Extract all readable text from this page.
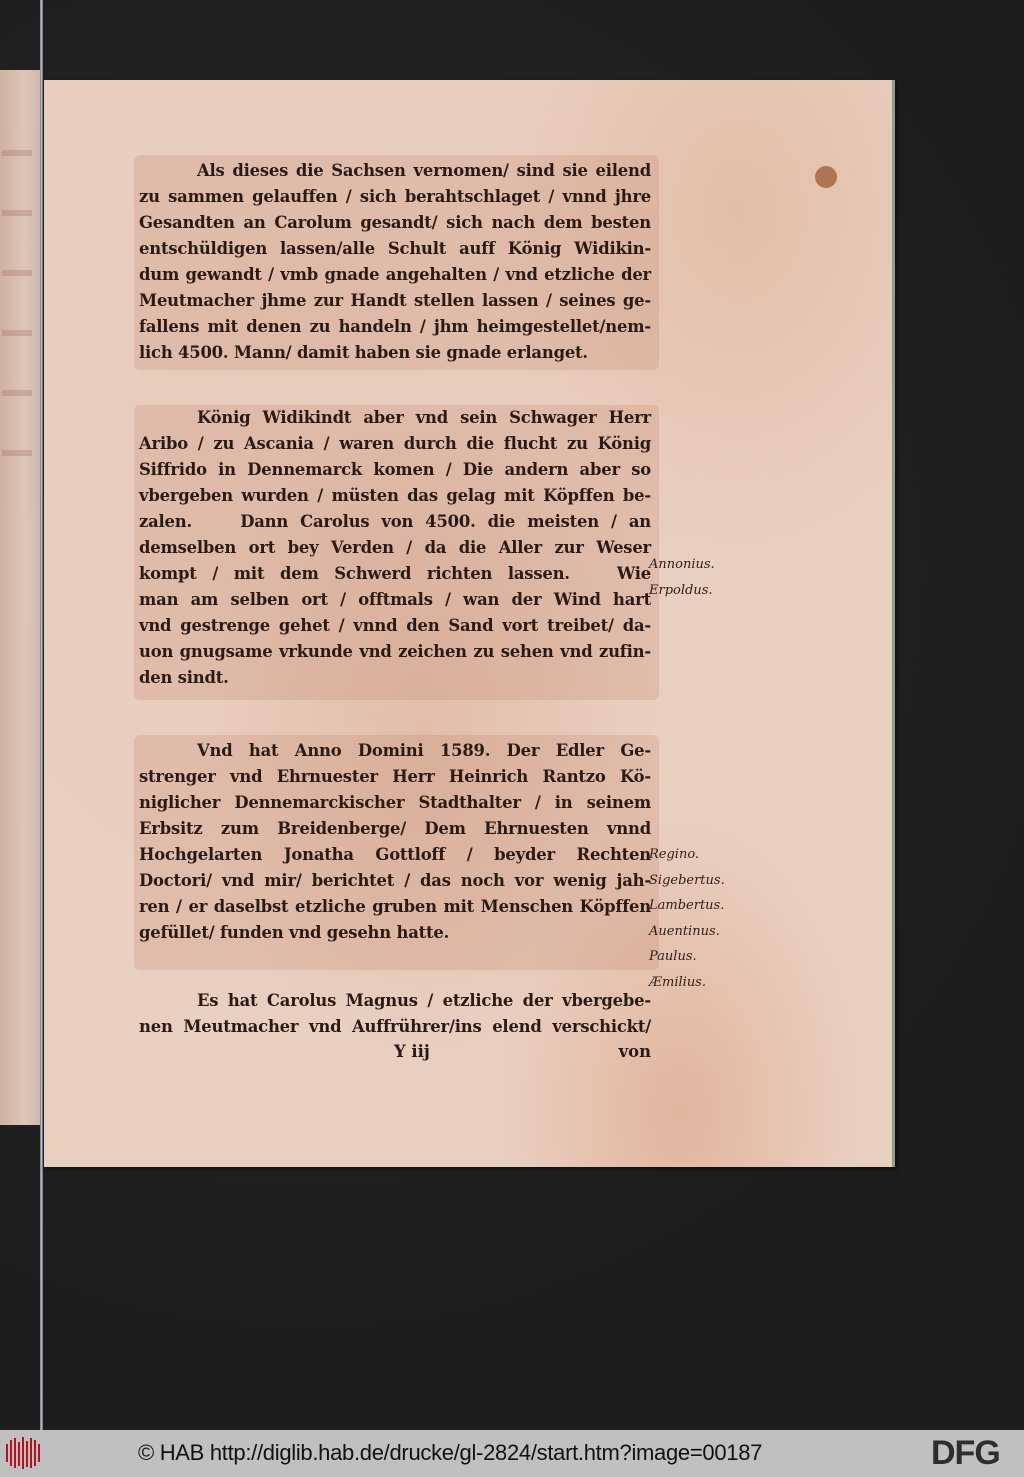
Als dieses die Sachsen vernomen/ sind sie eilend
zu sammen gelauffen / sich berahtschlaget / vnnd jhre
Gesandten an Carolum gesandt/ sich nach dem besten
entschüldigen lassen/alle Schult auff König Widikin-
dum gewandt / vmb gnade angehalten / vnd etzliche der
Meutmacher jhme zur Handt stellen lassen / seines ge-
fallens mit denen zu handeln / jhm heimgestellet/nem-
lich 4500. Mann/ damit haben sie gnade erlanget.
König Widikindt aber vnd sein Schwager Herr
Aribo / zu Ascania / waren durch die flucht zu König
Siffrido in Dennemarck komen / Die andern aber so
vbergeben wurden / müsten das gelag mit Köpffen be-
zalen.    Dann Carolus von 4500. die meisten / an
demselben ort bey Verden / da die Aller zur Weser
kompt / mit dem Schwerd richten lassen.   Wie
man am selben ort / offtmals / wan der Wind hart
vnd gestrenge gehet / vnnd den Sand vort treibet/ da-
uon gnugsame vrkunde vnd zeichen zu sehen vnd zufin-
den sindt.
Vnd hat Anno Domini 1589. Der Edler Ge-
strenger vnd Ehrnuester Herr Heinrich Rantzo Kö-
niglicher Dennemarckischer Stadthalter / in seinem
Erbsitz zum Breidenberge/ Dem Ehrnuesten vnnd
Hochgelarten Jonatha Gottloff / beyder Rechten
Doctori/ vnd mir/ berichtet / das noch vor wenig jah-
ren / er daselbst etzliche gruben mit Menschen Köpffen
gefüllet/ funden vnd gesehn hatte.
Es hat Carolus Magnus / etzliche der vbergebe-
nen Meutmacher vnd Auffrührer/ins elend verschickt/
Y iij	von
Annonius.
Erpoldus.
Regino.
Sigebertus.
Lambertus.
Auentinus.
Paulus.
Æmilius.
© HAB http://diglib.hab.de/drucke/gl-2824/start.htm?image=00187	DFG
